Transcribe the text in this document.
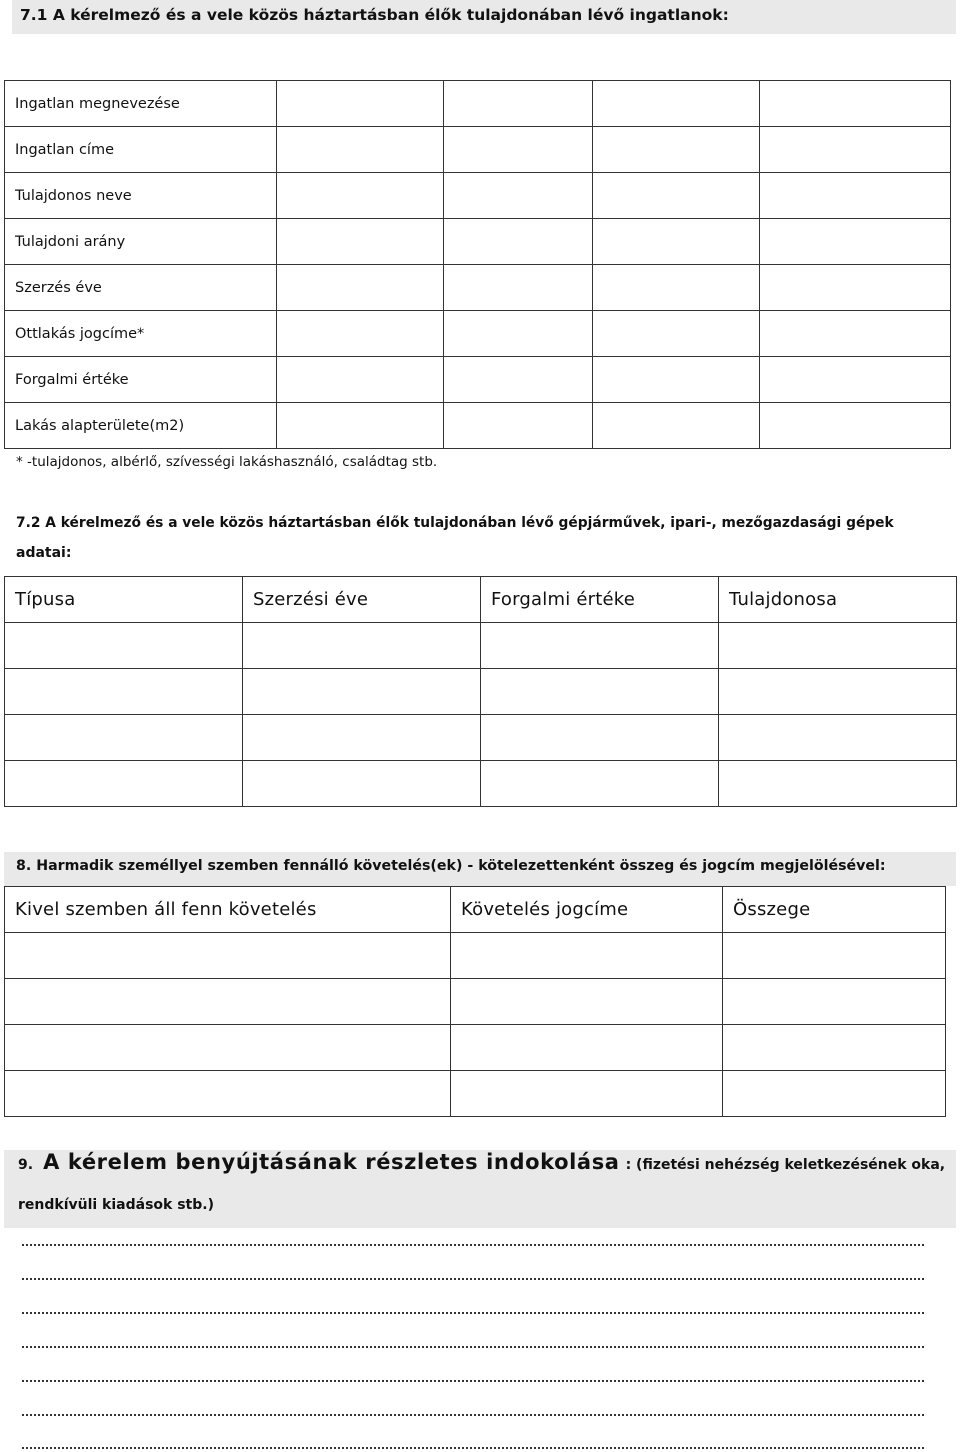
7.1 A kérelmező és a vele közös háztartásban élők tulajdonában lévő ingatlanok:
Ingatlan megnevezése				
Ingatlan címe				
Tulajdonos neve				
Tulajdoni arány				
Szerzés éve				
Ottlakás jogcíme*				
Forgalmi értéke				
Lakás alapterülete(m2)				
* -tulajdonos, albérlő, szívességi lakáshasználó, családtag stb.
7.2 A kérelmező és a vele közös háztartásban élők tulajdonában lévő gépjárművek, ipari-, mezőgazdasági gépek
adatai:
Típusa	Szerzési éve	Forgalmi értéke	Tulajdonosa

8. Harmadik személlyel szemben fennálló követelés(ek) - kötelezettenként összeg és jogcím megjelölésével:
Kivel szemben áll fenn követelés	Követelés jogcíme	Összege

9. A kérelem benyújtásának részletes indokolása : (fizetési nehézség keletkezésének oka,
rendkívüli kiadások stb.)
